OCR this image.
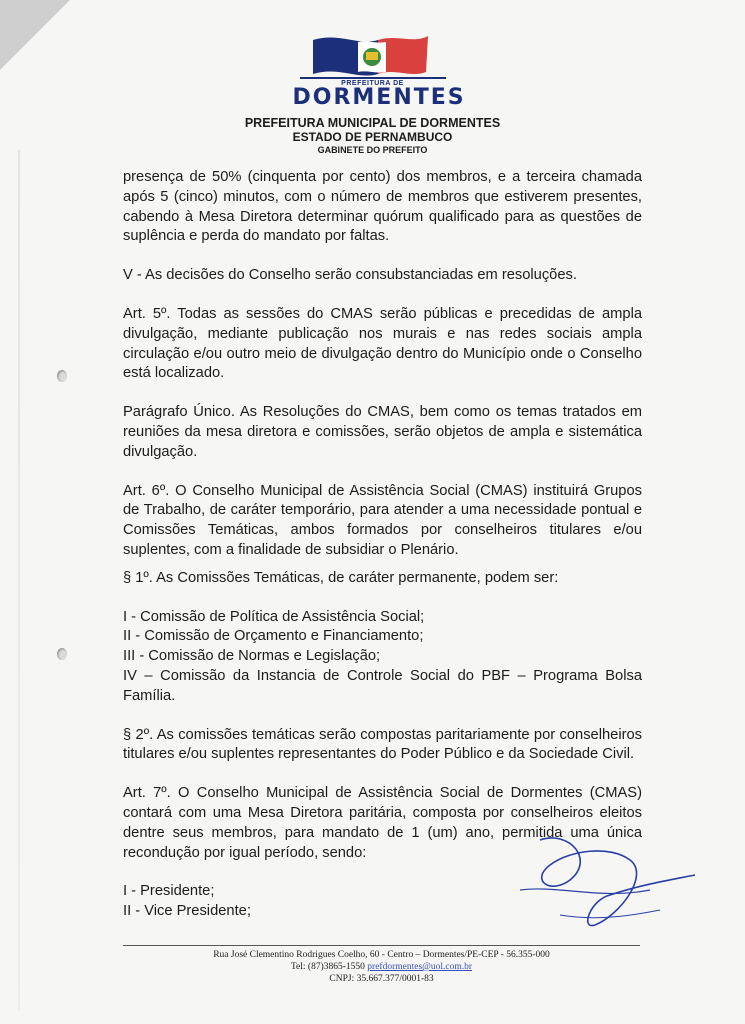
PREFEITURA DE
DORMENTES
PREFEITURA MUNICIPAL DE DORMENTES
ESTADO DE PERNAMBUCO
GABINETE DO PREFEITO

presença de 50% (cinquenta por cento) dos membros, e a terceira chamada após 5 (cinco) minutos, com o número de membros que estiverem presentes, cabendo à Mesa Diretora determinar quórum qualificado para as questões de suplência e perda do mandato por faltas.

V - As decisões do Conselho serão consubstanciadas em resoluções.

Art. 5º. Todas as sessões do CMAS serão públicas e precedidas de ampla divulgação, mediante publicação nos murais e nas redes sociais ampla circulação e/ou outro meio de divulgação dentro do Município onde o Conselho está localizado.

Parágrafo Único. As Resoluções do CMAS, bem como os temas tratados em reuniões da mesa diretora e comissões, serão objetos de ampla e sistemática divulgação.

Art. 6º. O Conselho Municipal de Assistência Social (CMAS) instituirá Grupos de Trabalho, de caráter temporário, para atender a uma necessidade pontual e Comissões Temáticas, ambos formados por conselheiros titulares e/ou suplentes, com a finalidade de subsidiar o Plenário.

§ 1º. As Comissões Temáticas, de caráter permanente, podem ser:

I - Comissão de Política de Assistência Social;
II - Comissão de Orçamento e Financiamento;
III - Comissão de Normas e Legislação;
IV – Comissão da Instancia de Controle Social do PBF – Programa Bolsa Família.

§ 2º. As comissões temáticas serão compostas paritariamente por conselheiros titulares e/ou suplentes representantes do Poder Público e da Sociedade Civil.

Art. 7º. O Conselho Municipal de Assistência Social de Dormentes (CMAS) contará com uma Mesa Diretora paritária, composta por conselheiros eleitos dentre seus membros, para mandato de 1 (um) ano, permitida uma única recondução por igual período, sendo:

I - Presidente;
II - Vice Presidente;
Rua José Clementino Rodrigues Coelho, 60 - Centro – Dormentes/PE-CEP - 56.355-000
Tel: (87)3865-1550 prefdormentes@uol.com.br
CNPJ: 35.667.377/0001-83
